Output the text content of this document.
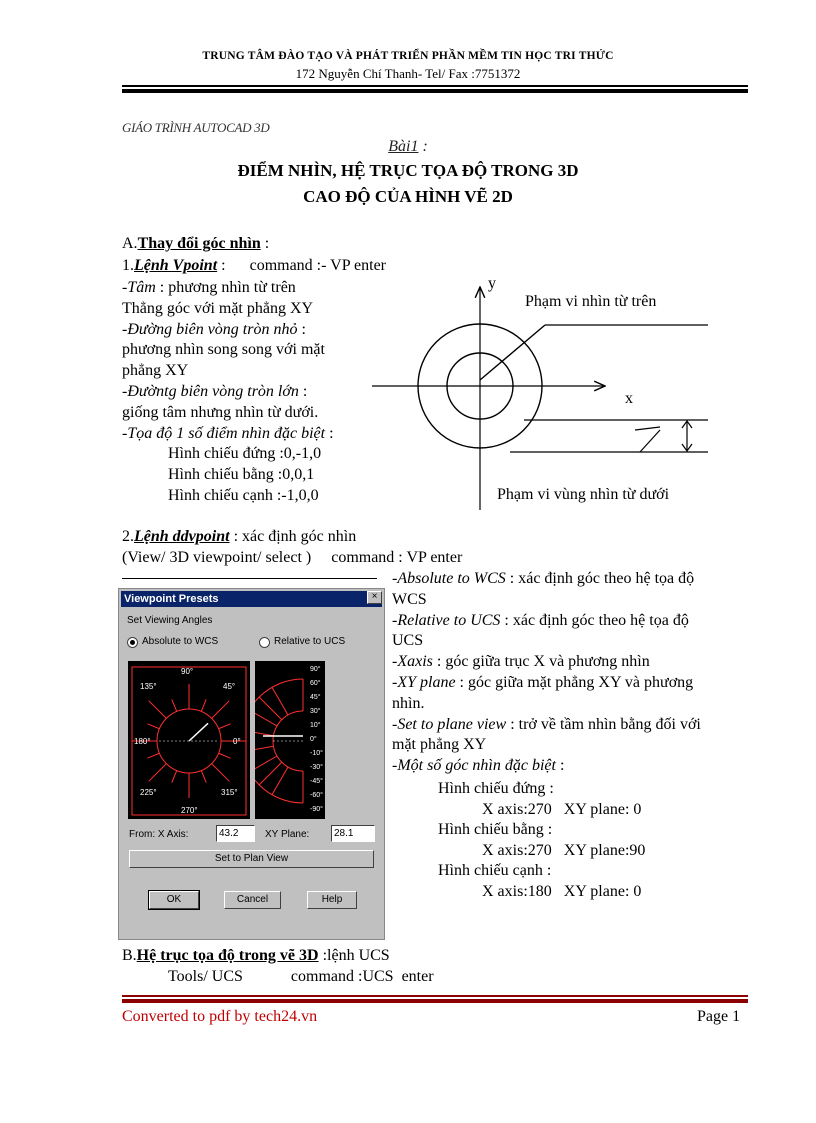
TRUNG TÂM ĐÀO TẠO VÀ PHÁT TRIỂN PHẦN MỀM TIN HỌC TRI THỨC
172 Nguyễn Chí Thanh- Tel/ Fax :7751372
GIÁO TRÌNH AUTOCAD 3D
Bài1 :
ĐIỂM NHÌN, HỆ TRỤC TỌA ĐỘ TRONG 3D
CAO ĐỘ CỦA HÌNH VẼ 2D
A.Thay đổi góc nhìn :
1.Lệnh Vpoint :      command :- VP enter
-Tâm : phương nhìn từ trên
Thẳng góc với mặt phẳng XY
-Đường biên vòng tròn nhỏ :
phương nhìn song song với mặt
phẳng XY
-Đườntg biên vòng tròn lớn :
giống tâm nhưng nhìn từ dưới.
-Tọa độ 1 số điểm nhìn đặc biệt :
Hình chiếu đứng :0,-1,0
Hình chiếu bằng :0,0,1
Hình chiếu cạnh :-1,0,0
y
x
Phạm vi nhìn từ trên
Phạm vi vùng nhìn từ dưới
2.Lệnh ddvpoint : xác định góc nhìn
(View/ 3D viewpoint/ select )     command : VP enter
-Absolute to WCS : xác định góc theo hệ tọa độ
WCS
-Relative to UCS : xác định góc theo hệ tọa độ
UCS
-Xaxis : góc giữa trục X và phương nhìn
-XY plane : góc giữa mặt phẳng XY và phương
nhìn.
-Set to plane view : trở về tầm nhìn bằng đối với
mặt phẳng XY
-Một số góc nhìn đặc biệt :
Hình chiếu đứng :
X axis:270   XY plane: 0
Hình chiếu bằng :
X axis:270   XY plane:90
Hình chiếu cạnh :
X axis:180   XY plane: 0
Viewpoint Presets	×
Set Viewing Angles
Absolute to WCS	Relative to UCS
90°
135°	45°
180°	0°
225°	315°
270°
90°
60°
45°
30°
10°
0°
-10°
-30°
-45°
-60°
-90°
From: X Axis:	43.2	XY Plane:	28.1
Set to Plan View
OK	Cancel	Help
B.Hệ trục tọa độ trong vẽ 3D :lệnh UCS
Tools/ UCS            command :UCS  enter
Converted to pdf by tech24.vn	Page 1
